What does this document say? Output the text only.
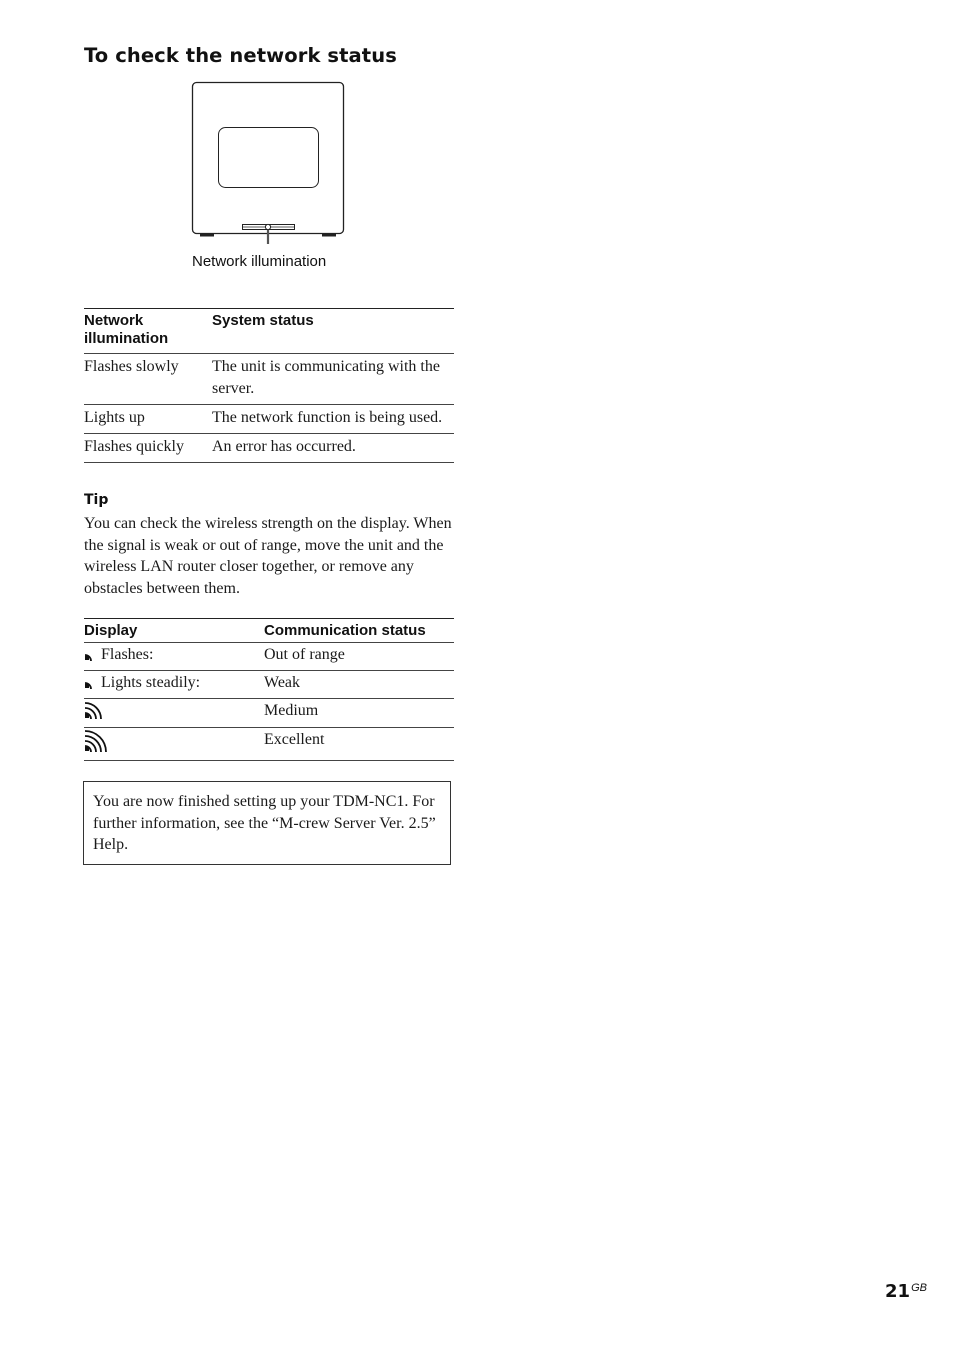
To check the network status
Network illumination
Network illumination	System status
Flashes slowly	The unit is communicating with the server.
Lights up	The network function is being used.
Flashes quickly	An error has occurred.
Tip

You can check the wireless strength on the display. When the signal is weak or out of range, move the unit and the wireless LAN router closer together, or remove any obstacles between them.

Display	Communication status
Flashes:	Out of range
Lights steadily:	Weak
	Medium
	Excellent
You are now finished setting up your TDM-NC1. For further information, see the “M-crew Server Ver. 2.5” Help.
$21^{GB}$
